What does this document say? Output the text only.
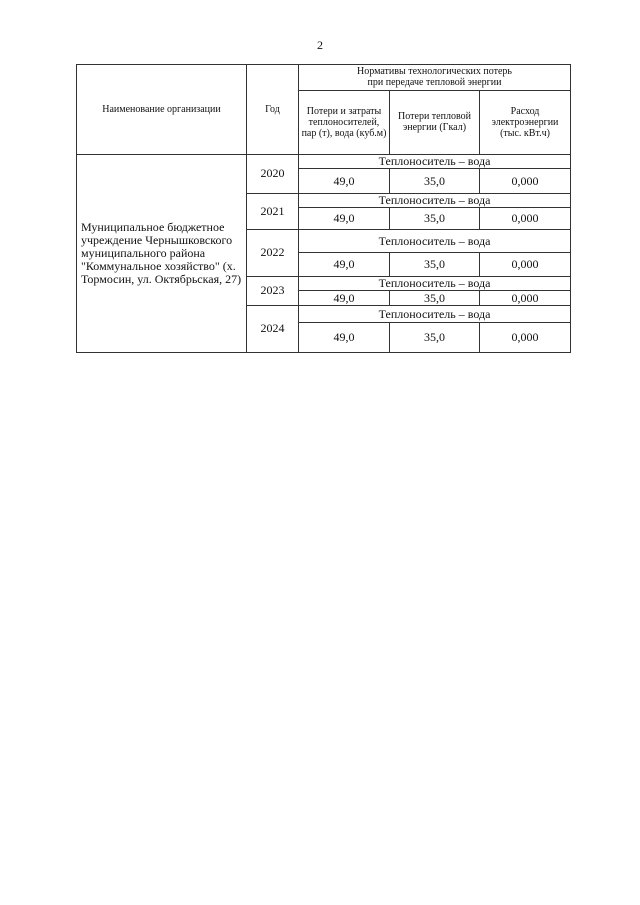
2
Наименование организации	Год	Нормативы технологических потерь
при передаче тепловой энергии		

		Потери и затраты теплоносителей, пар (т), вода (куб.м)	Потери тепловой энергии (Гкал)	Расход электроэнергии (тыс. кВт.ч)
Муниципальное бюджетное учреждение Чернышковского муниципального района "Коммунальное хозяйство" (х. Тормосин, ул. Октябрьская, 27)	2020	Теплоноситель – вода		
		49,0	35,0	0,000
	2021	Теплоноситель – вода		
		49,0	35,0	0,000
	2022	Теплоноситель – вода		
		49,0	35,0	0,000
	2023	Теплоноситель – вода		
		49,0	35,0	0,000
	2024	Теплоноситель – вода		
		49,0	35,0	0,000
